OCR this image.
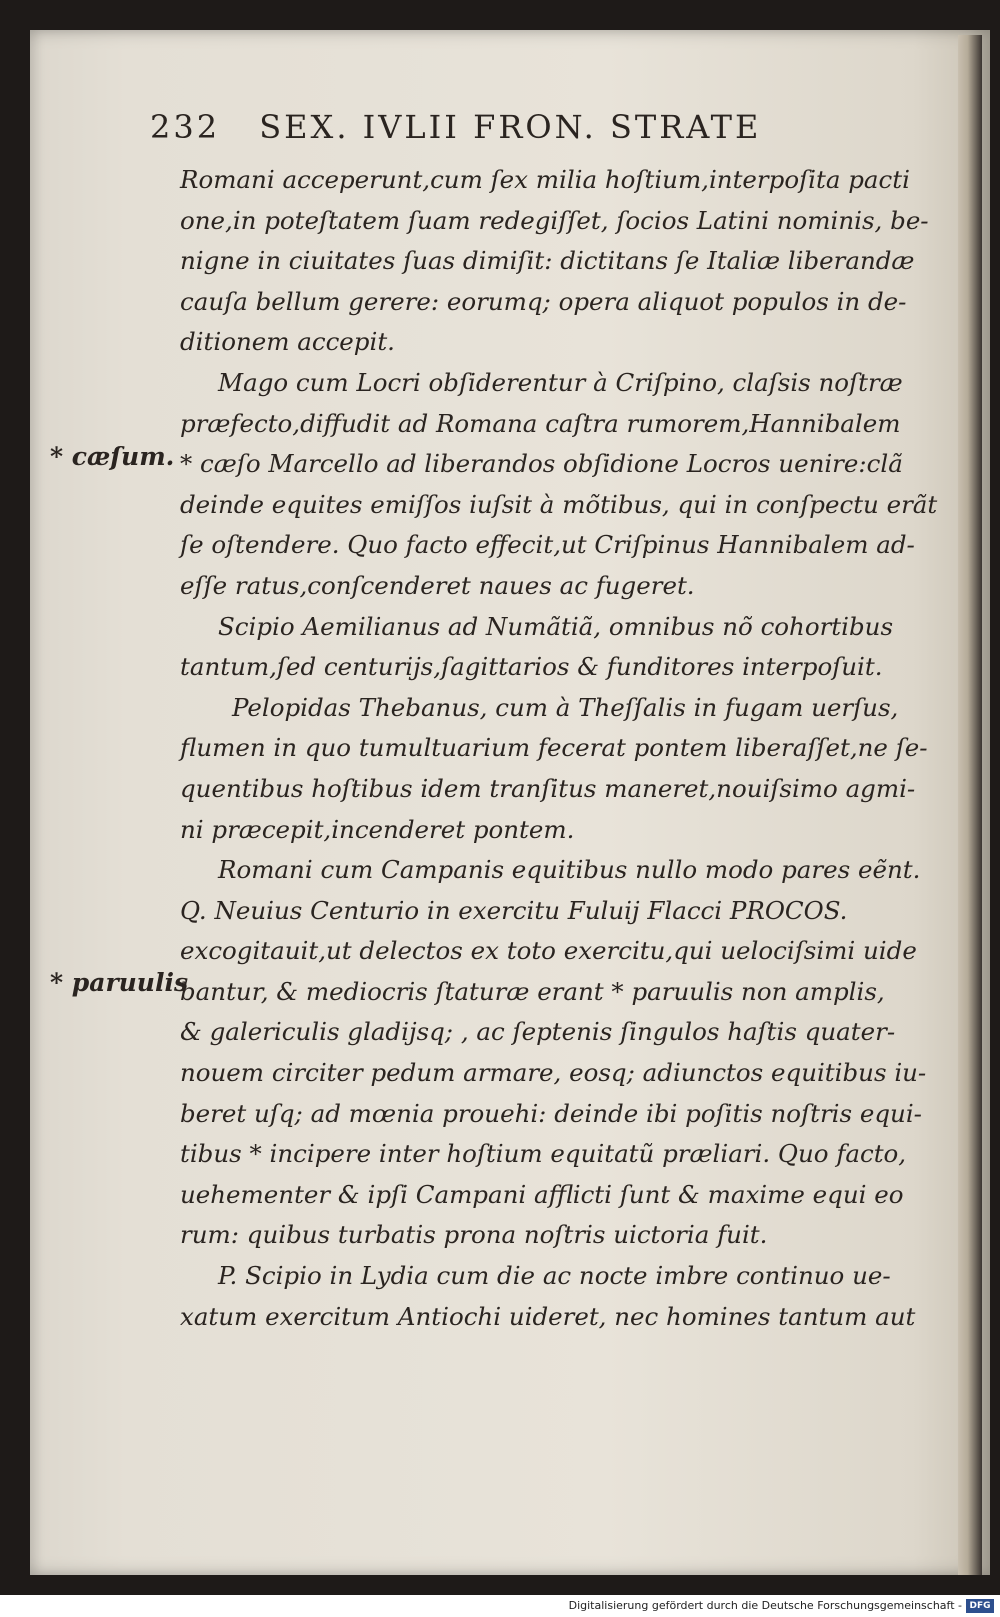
232 SEX. IVLII FRON. STRATE
* cæſum.
* paruulis
Romani acceperunt,cum ſex milia hoſtium,interpoſita pacti
one,in poteſtatem ſuam redegiſſet, ſocios Latini nominis, be-
nigne in ciuitates ſuas dimiſit: dictitans ſe Italiæ liberandæ
cauſa bellum gerere: eorumq; opera aliquot populos in de-
ditionem accepit.
Mago cum Locri obſiderentur à Criſpino, claſsis noſtræ
præfecto,diffudit ad Romana caſtra rumorem,Hannibalem
* cæſo Marcello ad liberandos obſidione Locros uenire:clã
deinde equites emiſſos iuſsit à mõtibus, qui in conſpectu erãt
ſe oſtendere. Quo facto effecit,ut Criſpinus Hannibalem ad-
eſſe ratus,conſcenderet naues ac fugeret.
Scipio Aemilianus ad Numãtiã, omnibus nõ cohortibus
tantum,ſed centurijs,ſagittarios & funditores interpoſuit.
Pelopidas Thebanus, cum à Theſſalis in fugam uerſus,
flumen in quo tumultuarium fecerat pontem liberaſſet,ne ſe-
quentibus hoſtibus idem tranſitus maneret,nouiſsimo agmi-
ni præcepit,incenderet pontem.
Romani cum Campanis equitibus nullo modo pares eẽnt.
Q. Neuius Centurio in exercitu Fuluij Flacci PROCOS.
excogitauit,ut delectos ex toto exercitu,qui uelociſsimi uide
bantur, & mediocris ſtaturæ erant * paruulis non amplis,
& galericulis gladijsq; , ac ſeptenis ſingulos haſtis quater-
nouem circiter pedum armare, eosq; adiunctos equitibus iu-
beret uſq; ad mœnia prouehi: deinde ibi poſitis noſtris equi-
tibus * incipere inter hoſtium equitatũ præliari. Quo facto,
uehementer & ipſi Campani afflicti ſunt & maxime equi eo
rum: quibus turbatis prona noſtris uictoria fuit.
P. Scipio in Lydia cum die ac nocte imbre continuo ue-
xatum exercitum Antiochi uideret, nec homines tantum aut
Digitalisierung gefördert durch die Deutsche Forschungsgemeinschaft - DFG
